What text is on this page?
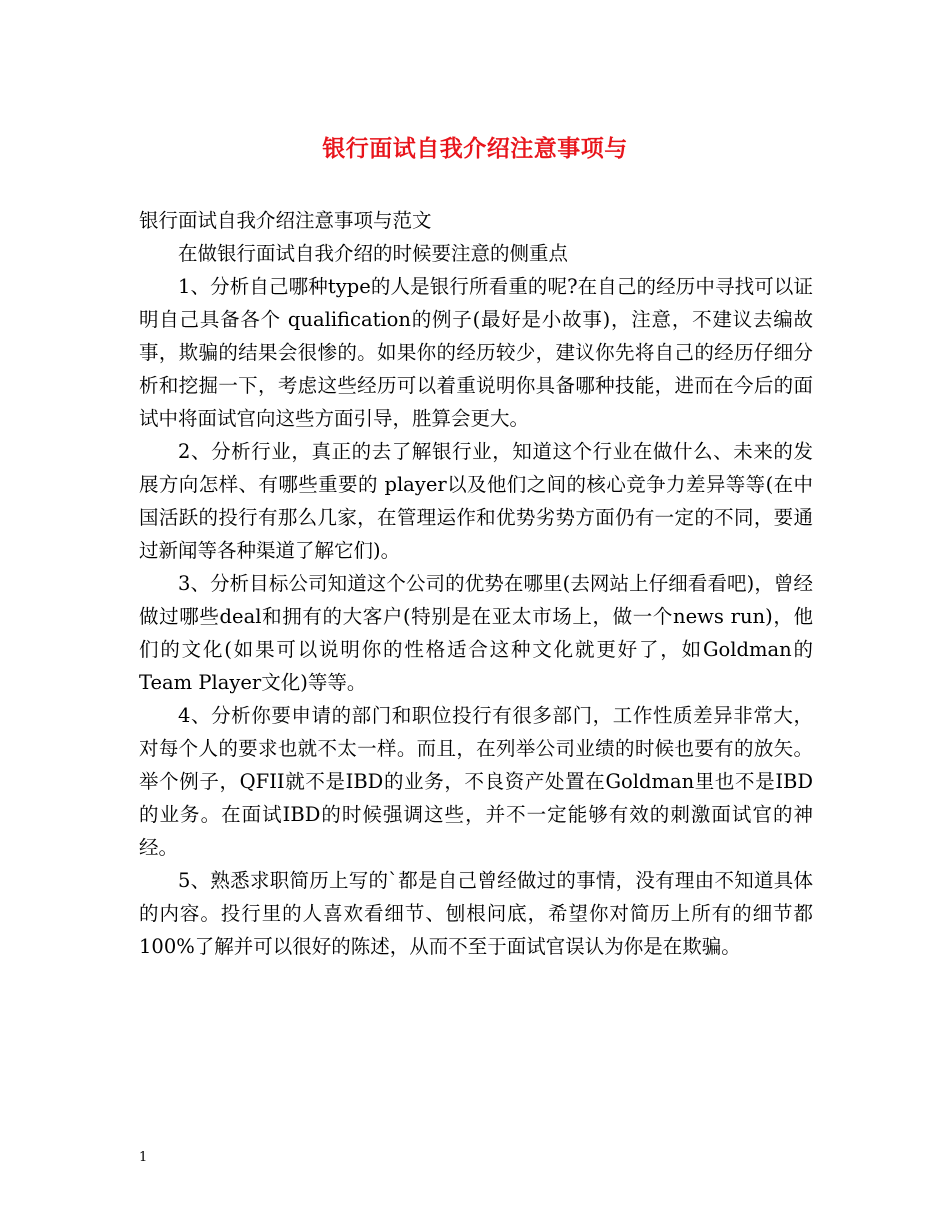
银行面试自我介绍注意事项与

银行面试自我介绍注意事项与范文

在做银行面试自我介绍的时候要注意的侧重点

1、分析自己哪种type的人是银行所看重的呢?在自己的经历中寻找可以证明自己具备各个 qualification的例子(最好是小故事)，注意，不建议去编故事，欺骗的结果会很惨的。如果你的经历较少，建议你先将自己的经历仔细分析和挖掘一下，考虑这些经历可以着重说明你具备哪种技能，进而在今后的面试中将面试官向这些方面引导，胜算会更大。

2、分析行业，真正的去了解银行业，知道这个行业在做什么、未来的发展方向怎样、有哪些重要的 player以及他们之间的核心竞争力差异等等(在中国活跃的投行有那么几家，在管理运作和优势劣势方面仍有一定的不同，要通过新闻等各种渠道了解它们)。

3、分析目标公司知道这个公司的优势在哪里(去网站上仔细看看吧)，曾经做过哪些deal和拥有的大客户(特别是在亚太市场上，做一个news run)，他们的文化(如果可以说明你的性格适合这种文化就更好了，如Goldman的Team Player文化)等等。

4、分析你要申请的部门和职位投行有很多部门，工作性质差异非常大，对每个人的要求也就不太一样。而且，在列举公司业绩的时候也要有的放矢。举个例子，QFII就不是IBD的业务，不良资产处置在Goldman里也不是IBD的业务。在面试IBD的时候强调这些，并不一定能够有效的刺激面试官的神经。

5、熟悉求职简历上写的`都是自己曾经做过的事情，没有理由不知道具体的内容。投行里的人喜欢看细节、刨根问底，希望你对简历上所有的细节都100%了解并可以很好的陈述，从而不至于面试官误认为你是在欺骗。

1
